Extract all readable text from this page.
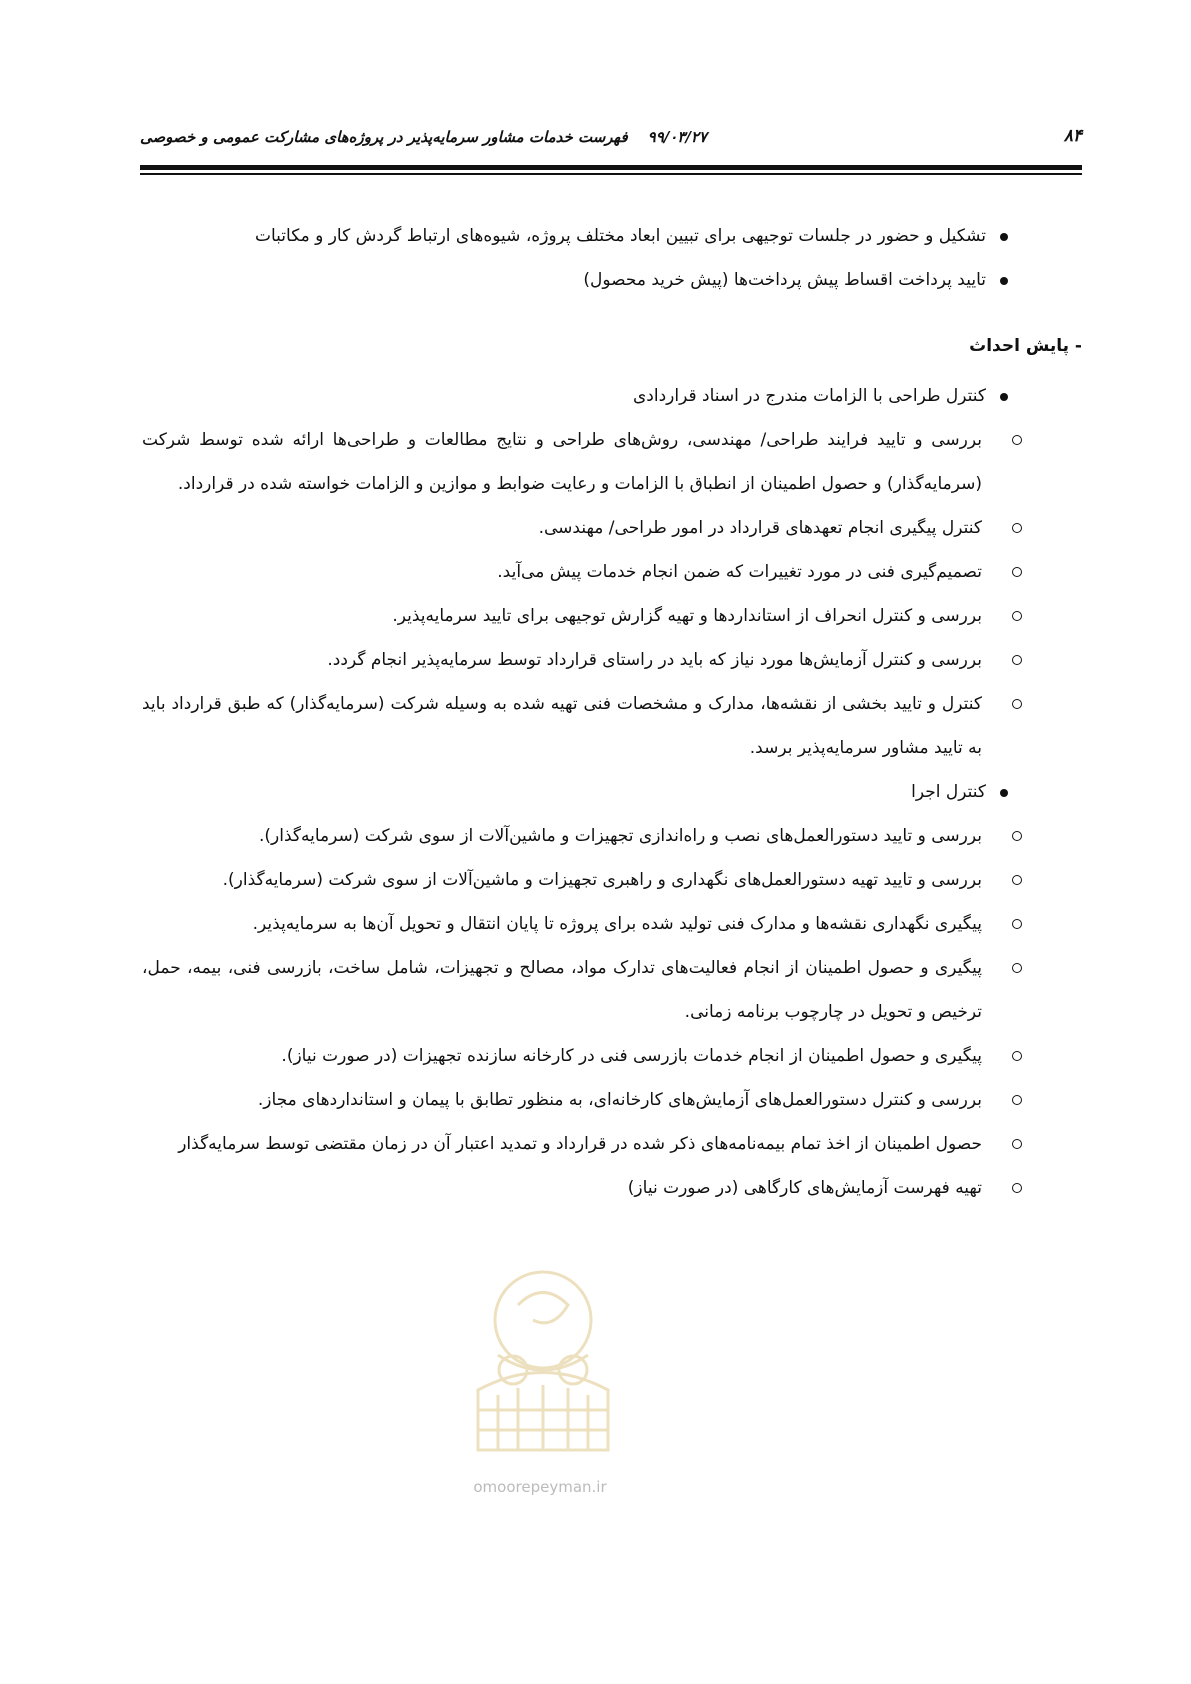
۸۴
۹۹/۰۳/۲۷فهرست خدمات مشاور سرمایه‌پذیر در پروژه‌های مشارکت عمومی و خصوصی

تشکیل و حضور در جلسات توجیهی برای تبیین ابعاد مختلف پروژه، شیوه‌های ارتباط گردش کار و مکاتبات

تایید پرداخت اقساط پیش پرداخت‌ها (پیش خرید محصول)

- پایش احداث

کنترل طراحی با الزامات مندرج در اسناد قراردادی

بررسی و تایید فرایند طراحی/ مهندسی، روش‌های طراحی و نتایج مطالعات و طراحی‌ها ارائه شده توسط شرکت (سرمایه‌گذار) و حصول اطمینان از انطباق با الزامات و رعایت ضوابط و موازین و الزامات خواسته شده در قرارداد.

کنترل پیگیری انجام تعهدهای قرارداد در امور طراحی/ مهندسی.

تصمیم‌گیری فنی در مورد تغییرات که ضمن انجام خدمات پیش می‌آید.

بررسی و کنترل انحراف از استانداردها و تهیه گزارش توجیهی برای تایید سرمایه‌پذیر.

بررسی و کنترل آزمایش‌ها مورد نیاز که باید در راستای قرارداد توسط سرمایه‌پذیر انجام گردد.

کنترل و تایید بخشی از نقشه‌ها، مدارک و مشخصات فنی تهیه شده به وسیله شرکت (سرمایه‌گذار) که طبق قرارداد باید به تایید مشاور سرمایه‌پذیر برسد.

کنترل اجرا

بررسی و تایید دستورالعمل‌های نصب و راه‌اندازی تجهیزات و ماشین‌آلات از سوی شرکت (سرمایه‌گذار).

بررسی و تایید تهیه دستورالعمل‌های نگهداری و راهبری تجهیزات و ماشین‌آلات از سوی شرکت (سرمایه‌گذار).

پیگیری نگهداری نقشه‌ها و مدارک فنی تولید شده برای پروژه تا پایان انتقال و تحویل آن‌ها به سرمایه‌پذیر.

پیگیری و حصول اطمینان از انجام فعالیت‌های تدارک مواد، مصالح و تجهیزات، شامل ساخت، بازرسی فنی، بیمه، حمل، ترخیص و تحویل در چارچوب برنامه زمانی.

پیگیری و حصول اطمینان از انجام خدمات بازرسی فنی در کارخانه سازنده تجهیزات (در صورت نیاز).

بررسی و کنترل دستورالعمل‌های آزمایش‌های کارخانه‌ای، به منظور تطابق با پیمان و استانداردهای مجاز.

حصول اطمینان از اخذ تمام بیمه‌نامه‌های ذکر شده در قرارداد و تمدید اعتبار آن در زمان مقتضی توسط سرمایه‌گذار

تهیه فهرست آزمایش‌های کارگاهی (در صورت نیاز)

omoorepeyman.ir
